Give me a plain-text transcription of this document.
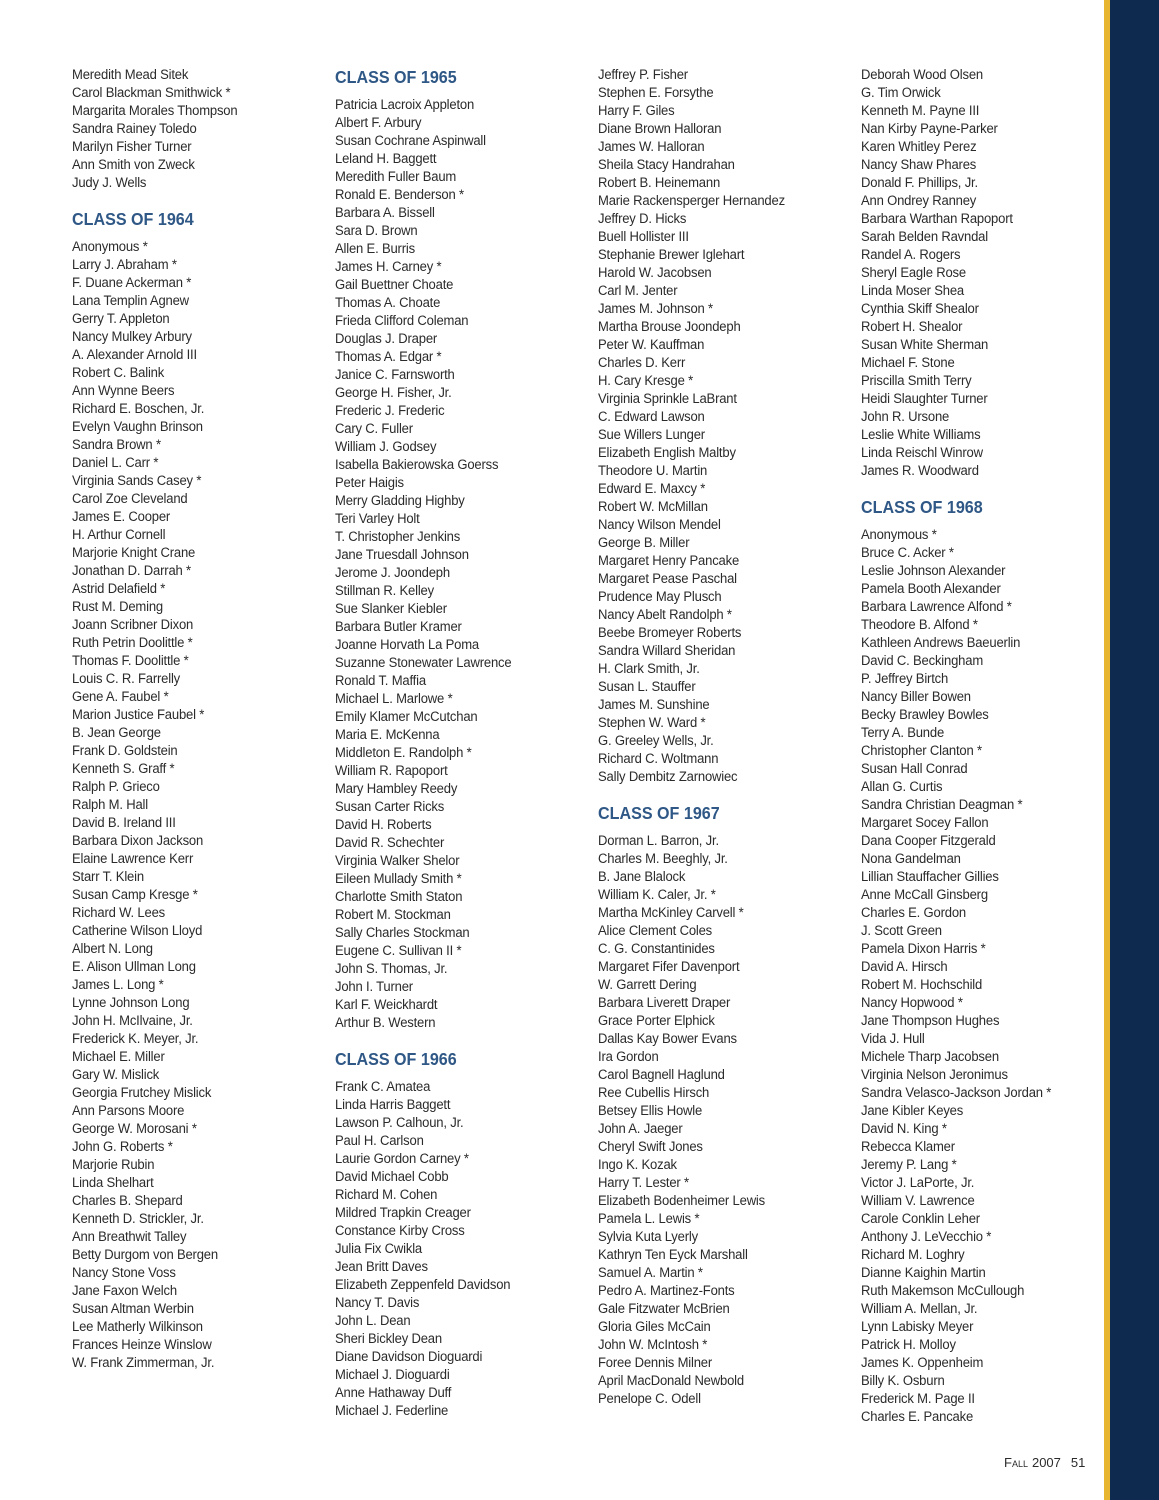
Meredith Mead Sitek
Carol Blackman Smithwick *
Margarita Morales Thompson
Sandra Rainey Toledo
Marilyn Fisher Turner
Ann Smith von Zweck
Judy J. Wells
CLASS OF 1964
Anonymous *
Larry J. Abraham *
F. Duane Ackerman *
Lana Templin Agnew
Gerry T. Appleton
Nancy Mulkey Arbury
A. Alexander Arnold III
Robert C. Balink
Ann Wynne Beers
Richard E. Boschen, Jr.
Evelyn Vaughn Brinson
Sandra Brown *
Daniel L. Carr *
Virginia Sands Casey *
Carol Zoe Cleveland
James E. Cooper
H. Arthur Cornell
Marjorie Knight Crane
Jonathan D. Darrah *
Astrid Delafield *
Rust M. Deming
Joann Scribner Dixon
Ruth Petrin Doolittle *
Thomas F. Doolittle *
Louis C. R. Farrelly
Gene A. Faubel *
Marion Justice Faubel *
B. Jean George
Frank D. Goldstein
Kenneth S. Graff *
Ralph P. Grieco
Ralph M. Hall
David B. Ireland III
Barbara Dixon Jackson
Elaine Lawrence Kerr
Starr T. Klein
Susan Camp Kresge *
Richard W. Lees
Catherine Wilson Lloyd
Albert N. Long
E. Alison Ullman Long
James L. Long *
Lynne Johnson Long
John H. McIlvaine, Jr.
Frederick K. Meyer, Jr.
Michael E. Miller
Gary W. Mislick
Georgia Frutchey Mislick
Ann Parsons Moore
George W. Morosani *
John G. Roberts *
Marjorie Rubin
Linda Shelhart
Charles B. Shepard
Kenneth D. Strickler, Jr.
Ann Breathwit Talley
Betty Durgom von Bergen
Nancy Stone Voss
Jane Faxon Welch
Susan Altman Werbin
Lee Matherly Wilkinson
Frances Heinze Winslow
W. Frank Zimmerman, Jr.
CLASS OF 1965
Patricia Lacroix Appleton
Albert F. Arbury
Susan Cochrane Aspinwall
Leland H. Baggett
Meredith Fuller Baum
Ronald E. Benderson *
Barbara A. Bissell
Sara D. Brown
Allen E. Burris
James H. Carney *
Gail Buettner Choate
Thomas A. Choate
Frieda Clifford Coleman
Douglas J. Draper
Thomas A. Edgar *
Janice C. Farnsworth
George H. Fisher, Jr.
Frederic J. Frederic
Cary C. Fuller
William J. Godsey
Isabella Bakierowska Goerss
Peter Haigis
Merry Gladding Highby
Teri Varley Holt
T. Christopher Jenkins
Jane Truesdall Johnson
Jerome J. Joondeph
Stillman R. Kelley
Sue Slanker Kiebler
Barbara Butler Kramer
Joanne Horvath La Poma
Suzanne Stonewater Lawrence
Ronald T. Maffia
Michael L. Marlowe *
Emily Klamer McCutchan
Maria E. McKenna
Middleton E. Randolph *
William R. Rapoport
Mary Hambley Reedy
Susan Carter Ricks
David H. Roberts
David R. Schechter
Virginia Walker Shelor
Eileen Mullady Smith *
Charlotte Smith Staton
Robert M. Stockman
Sally Charles Stockman
Eugene C. Sullivan II *
John S. Thomas, Jr.
John I. Turner
Karl F. Weickhardt
Arthur B. Western
CLASS OF 1966
Frank C. Amatea
Linda Harris Baggett
Lawson P. Calhoun, Jr.
Paul H. Carlson
Laurie Gordon Carney *
David Michael Cobb
Richard M. Cohen
Mildred Trapkin Creager
Constance Kirby Cross
Julia Fix Cwikla
Jean Britt Daves
Elizabeth Zeppenfeld Davidson
Nancy T. Davis
John L. Dean
Sheri Bickley Dean
Diane Davidson Dioguardi
Michael J. Dioguardi
Anne Hathaway Duff
Michael J. Federline
Jeffrey P. Fisher
Stephen E. Forsythe
Harry F. Giles
Diane Brown Halloran
James W. Halloran
Sheila Stacy Handrahan
Robert B. Heinemann
Marie Rackensperger Hernandez
Jeffrey D. Hicks
Buell Hollister III
Stephanie Brewer Iglehart
Harold W. Jacobsen
Carl M. Jenter
James M. Johnson *
Martha Brouse Joondeph
Peter W. Kauffman
Charles D. Kerr
H. Cary Kresge *
Virginia Sprinkle LaBrant
C. Edward Lawson
Sue Willers Lunger
Elizabeth English Maltby
Theodore U. Martin
Edward E. Maxcy *
Robert W. McMillan
Nancy Wilson Mendel
George B. Miller
Margaret Henry Pancake
Margaret Pease Paschal
Prudence May Plusch
Nancy Abelt Randolph *
Beebe Bromeyer Roberts
Sandra Willard Sheridan
H. Clark Smith, Jr.
Susan L. Stauffer
James M. Sunshine
Stephen W. Ward *
G. Greeley Wells, Jr.
Richard C. Woltmann
Sally Dembitz Zarnowiec
CLASS OF 1967
Dorman L. Barron, Jr.
Charles M. Beeghly, Jr.
B. Jane Blalock
William K. Caler, Jr. *
Martha McKinley Carvell *
Alice Clement Coles
C. G. Constantinides
Margaret Fifer Davenport
W. Garrett Dering
Barbara Liverett Draper
Grace Porter Elphick
Dallas Kay Bower Evans
Ira Gordon
Carol Bagnell Haglund
Ree Cubellis Hirsch
Betsey Ellis Howle
John A. Jaeger
Cheryl Swift Jones
Ingo K. Kozak
Harry T. Lester *
Elizabeth Bodenheimer Lewis
Pamela L. Lewis *
Sylvia Kuta Lyerly
Kathryn Ten Eyck Marshall
Samuel A. Martin *
Pedro A. Martinez-Fonts
Gale Fitzwater McBrien
Gloria Giles McCain
John W. McIntosh *
Foree Dennis Milner
April MacDonald Newbold
Penelope C. Odell
Deborah Wood Olsen
G. Tim Orwick
Kenneth M. Payne III
Nan Kirby Payne-Parker
Karen Whitley Perez
Nancy Shaw Phares
Donald F. Phillips, Jr.
Ann Ondrey Ranney
Barbara Warthan Rapoport
Sarah Belden Ravndal
Randel A. Rogers
Sheryl Eagle Rose
Linda Moser Shea
Cynthia Skiff Shealor
Robert H. Shealor
Susan White Sherman
Michael F. Stone
Priscilla Smith Terry
Heidi Slaughter Turner
John R. Ursone
Leslie White Williams
Linda Reischl Winrow
James R. Woodward
CLASS OF 1968
Anonymous *
Bruce C. Acker *
Leslie Johnson Alexander
Pamela Booth Alexander
Barbara Lawrence Alfond *
Theodore B. Alfond *
Kathleen Andrews Baeuerlin
David C. Beckingham
P. Jeffrey Birtch
Nancy Biller Bowen
Becky Brawley Bowles
Terry A. Bunde
Christopher Clanton *
Susan Hall Conrad
Allan G. Curtis
Sandra Christian Deagman *
Margaret Socey Fallon
Dana Cooper Fitzgerald
Nona Gandelman
Lillian Stauffacher Gillies
Anne McCall Ginsberg
Charles E. Gordon
J. Scott Green
Pamela Dixon Harris *
David A. Hirsch
Robert M. Hochschild
Nancy Hopwood *
Jane Thompson Hughes
Vida J. Hull
Michele Tharp Jacobsen
Virginia Nelson Jeronimus
Sandra Velasco-Jackson Jordan *
Jane Kibler Keyes
David N. King *
Rebecca Klamer
Jeremy P. Lang *
Victor J. LaPorte, Jr.
William V. Lawrence
Carole Conklin Leher
Anthony J. LeVecchio *
Richard M. Loghry
Dianne Kaighin Martin
Ruth Makemson McCullough
William A. Mellan, Jr.
Lynn Labisky Meyer
Patrick H. Molloy
James K. Oppenheim
Billy K. Osburn
Frederick M. Page II
Charles E. Pancake
Fall 2007 51
